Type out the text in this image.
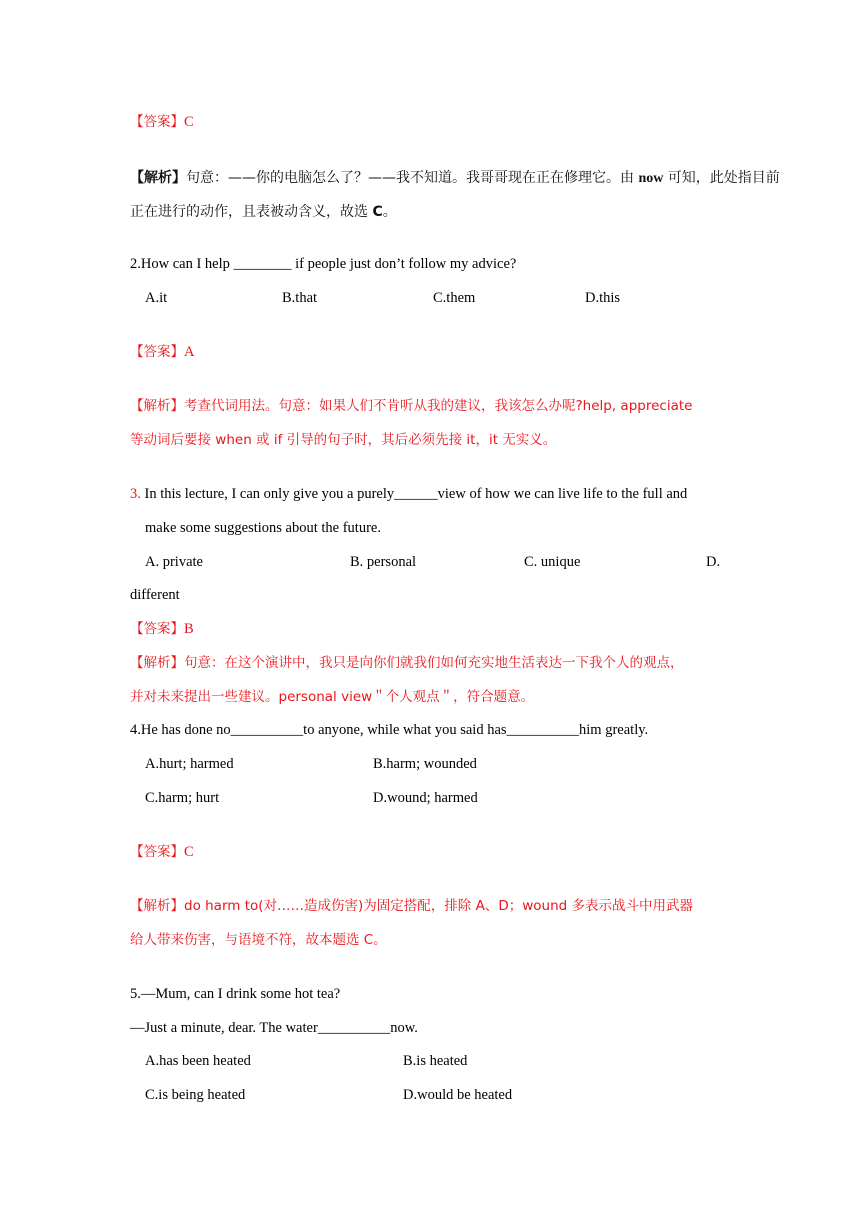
【答案】C
【解析】句意：——你的电脑怎么了？——我不知道。我哥哥现在正在修理它。由 now 可知，此处指目前
正在进行的动作，且表被动含义，故选 C。
2.How can I help ________ if people just don’t follow my advice?
A.it	B.that	C.them	D.this
【答案】A
【解析】考查代词用法。句意：如果人们不肯听从我的建议，我该怎么办呢?help, appreciate
等动词后要接 when 或 if 引导的句子时，其后必须先接 it，it 无实义。
3. In this lecture, I can only give you a purely______view of how we can live life to the full and
make some suggestions about the future.
A. private	B. personal	C. unique	D.
different
【答案】B
【解析】句意：在这个演讲中，我只是向你们就我们如何充实地生活表达一下我个人的观点，
并对未来提出一些建议。personal view＂个人观点＂，符合题意。
4.He has done no__________to anyone, while what you said has__________him greatly.
A.hurt; harmed	B.harm; wounded
C.harm; hurt	D.wound; harmed
【答案】C
【解析】do harm to(对……造成伤害)为固定搭配，排除 A、D；wound 多表示战斗中用武器
给人带来伤害，与语境不符，故本题选 C。
5.—Mum, can I drink some hot tea?
—Just a minute, dear. The water__________now.
A.has been heated	B.is heated
C.is being heated	D.would be heated
